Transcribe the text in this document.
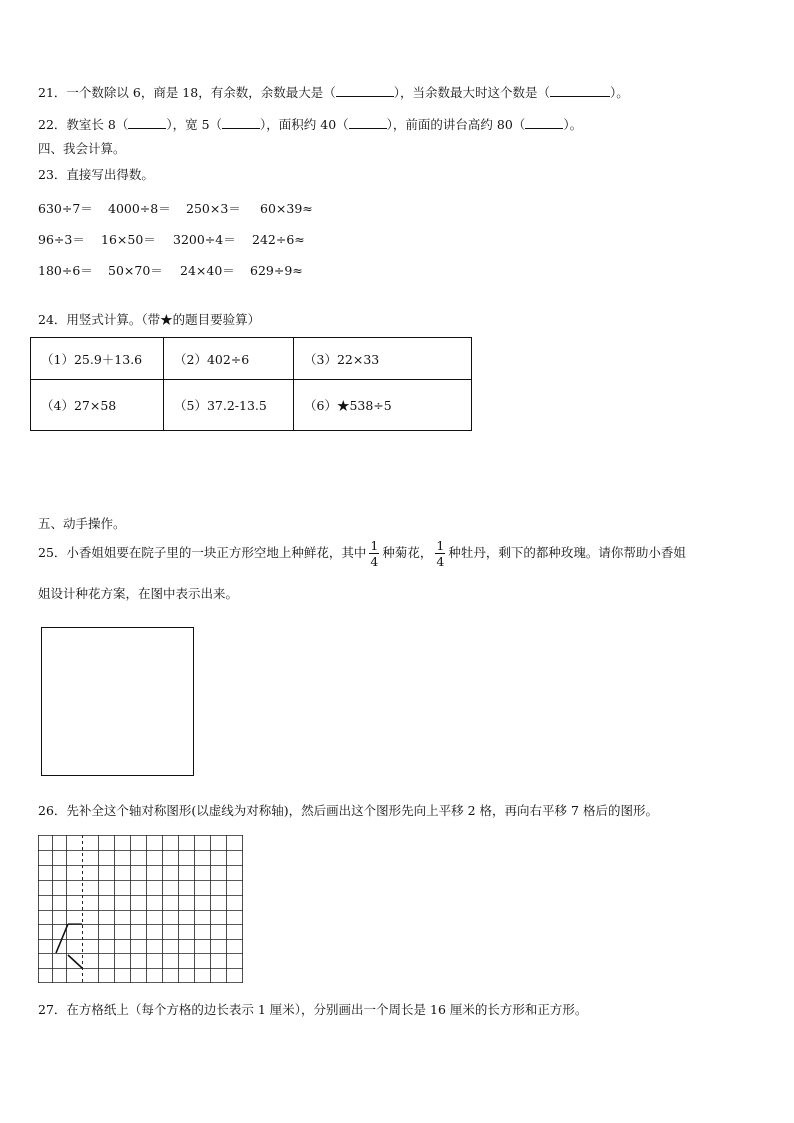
21．一个数除以 6，商是 18，有余数，余数最大是（	），当余数最大时这个数是（	）。
22．教室长 8（	），宽 5（	），面积约 40（	），前面的讲台高约 80（	）。
四、我会计算。
23．直接写出得数。
630÷7＝ 4000÷8＝ 250×3＝ 60×39≈
96÷3＝ 16×50＝ 3200÷4＝ 242÷6≈
180÷6＝ 50×70＝ 24×40＝ 629÷9≈
24．用竖式计算。（带★的题目要验算）
（1）25.9＋13.6	（2）402÷6	（3）22×33
（4）27×58	（5）37.2-13.5	（6）★538÷5
五、动手操作。
25．小香姐姐要在院子里的一块正方形空地上种鲜花，其中 $\frac{1}{4}$ 种菊花， $\frac{1}{4}$ 种牡丹，剩下的都种玫瑰。请你帮助小香姐
姐设计种花方案，在图中表示出来。
26．先补全这个轴对称图形(以虚线为对称轴)，然后画出这个图形先向上平移 2 格，再向右平移 7 格后的图形。
27．在方格纸上（每个方格的边长表示 1 厘米），分别画出一个周长是 16 厘米的长方形和正方形。
